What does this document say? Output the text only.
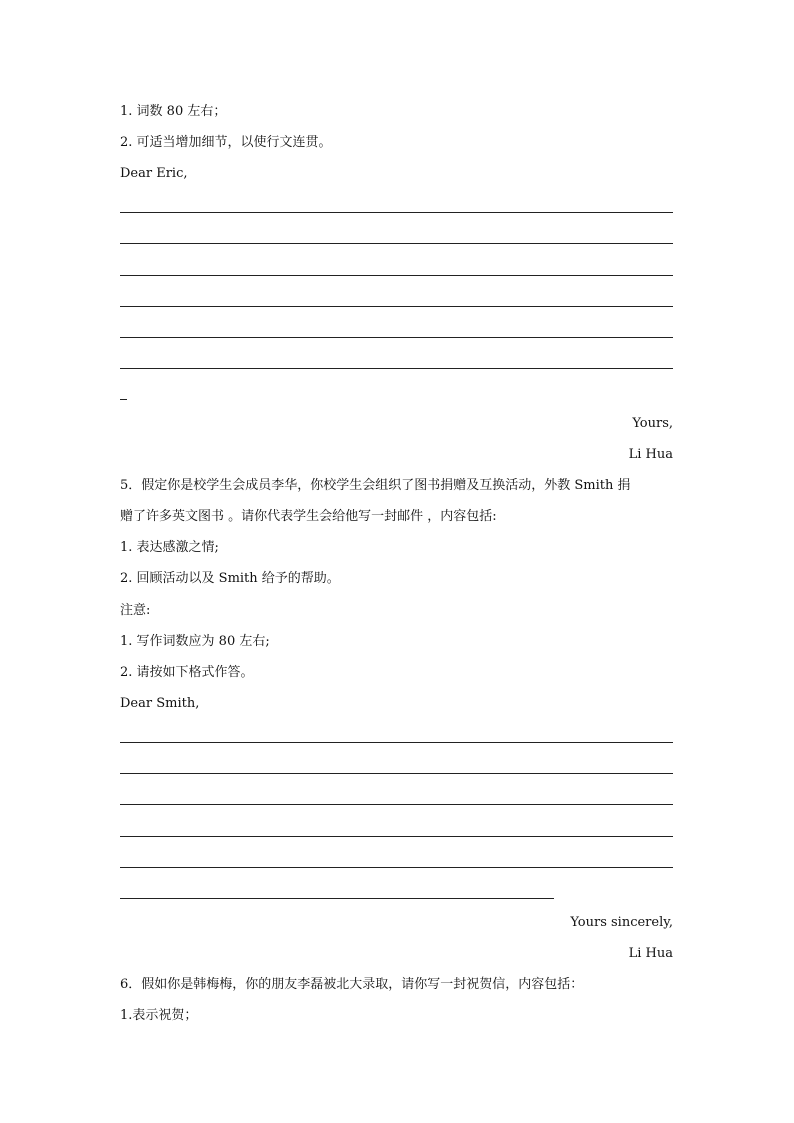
1. 词数 80 左右；
2. 可适当增加细节，以使行文连贯。
Dear Eric,
Yours,
Li Hua
5．假定你是校学生会成员李华，你校学生会组织了图书捐赠及互换活动，外教 Smith 捐
赠了许多英文图书 。请你代表学生会给他写一封邮件 ，内容包括:
1. 表达感激之情;
2. 回顾活动以及 Smith 给予的帮助。
注意:
1. 写作词数应为 80 左右;
2. 请按如下格式作答。
Dear Smith,
Yours sincerely,
Li Hua
6．假如你是韩梅梅，你的朋友李磊被北大录取，请你写一封祝贺信，内容包括：
1.表示祝贺；
